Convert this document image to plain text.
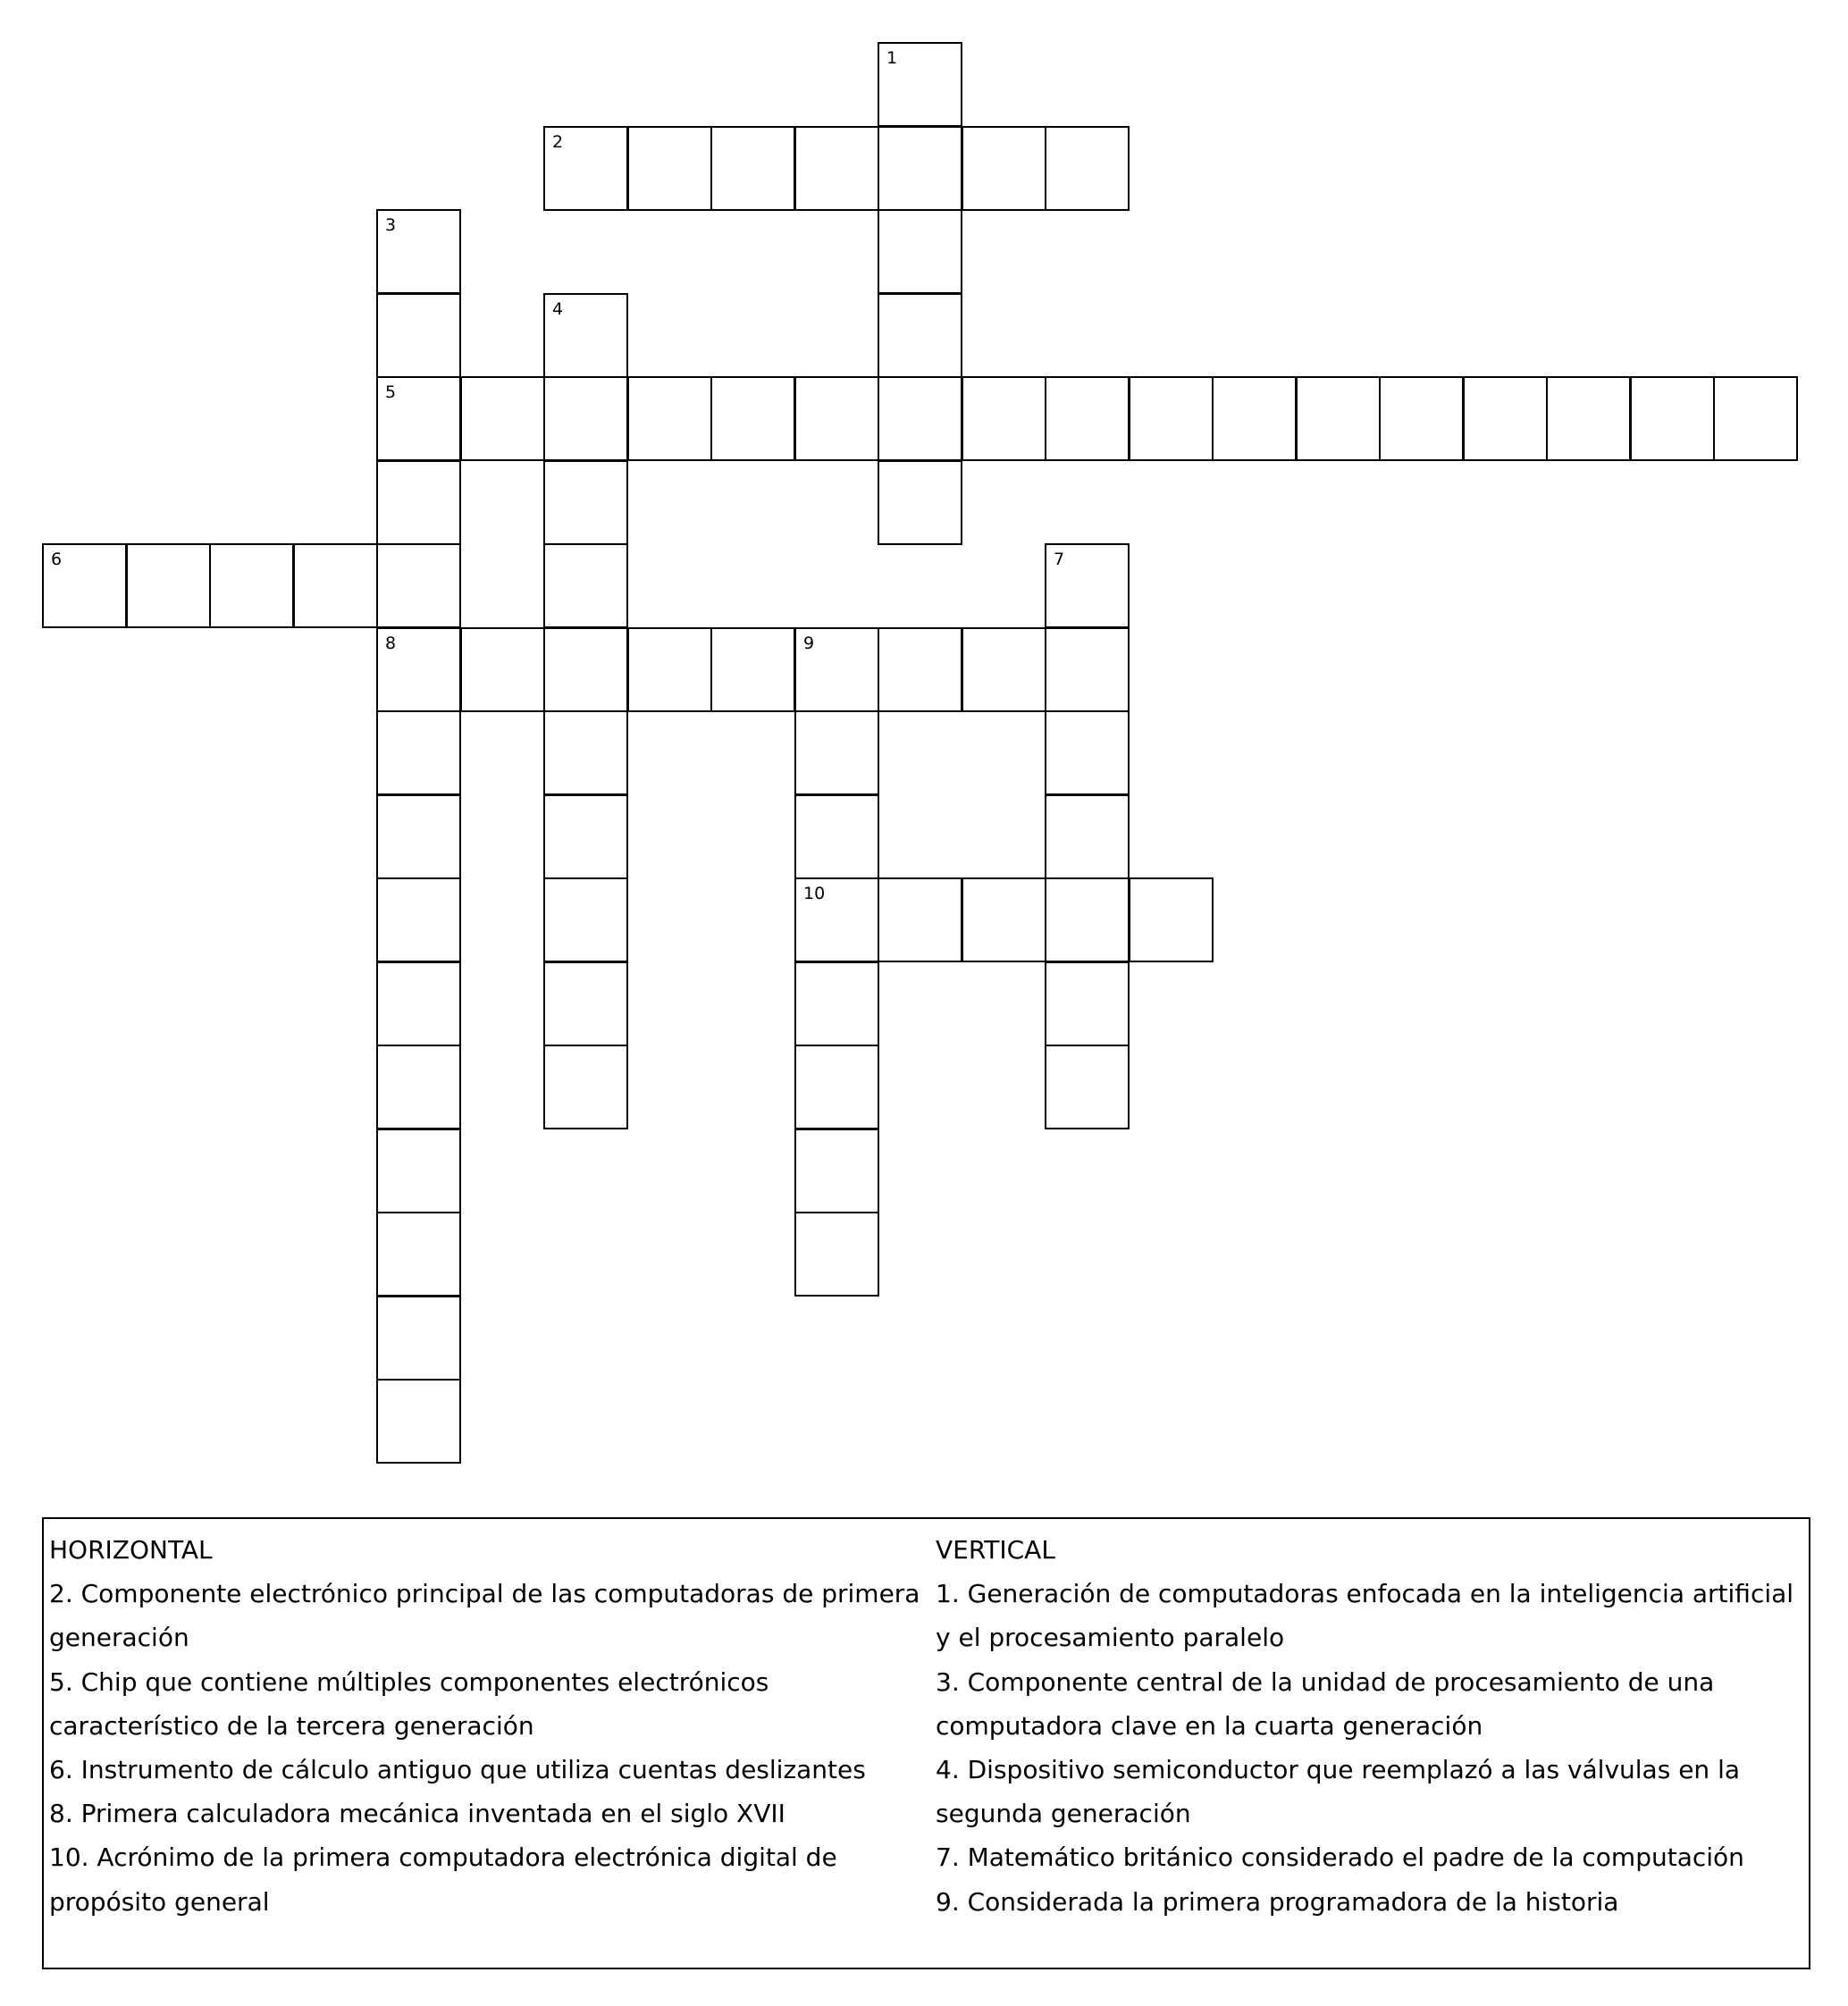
1
2
3
5
8
4
6	7
9
10
HORIZONTAL
2. Componente electrónico principal de las computadoras de primera generación
5. Chip que contiene múltiples componentes electrónicos característico de la tercera generación
6. Instrumento de cálculo antiguo que utiliza cuentas deslizantes
8. Primera calculadora mecánica inventada en el siglo XVII
10. Acrónimo de la primera computadora electrónica digital de propósito general
VERTICAL
1. Generación de computadoras enfocada en la inteligencia artificial y el procesamiento paralelo
3. Componente central de la unidad de procesamiento de una computadora clave en la cuarta generación
4. Dispositivo semiconductor que reemplazó a las válvulas en la segunda generación
7. Matemático británico considerado el padre de la computación
9. Considerada la primera programadora de la historia
